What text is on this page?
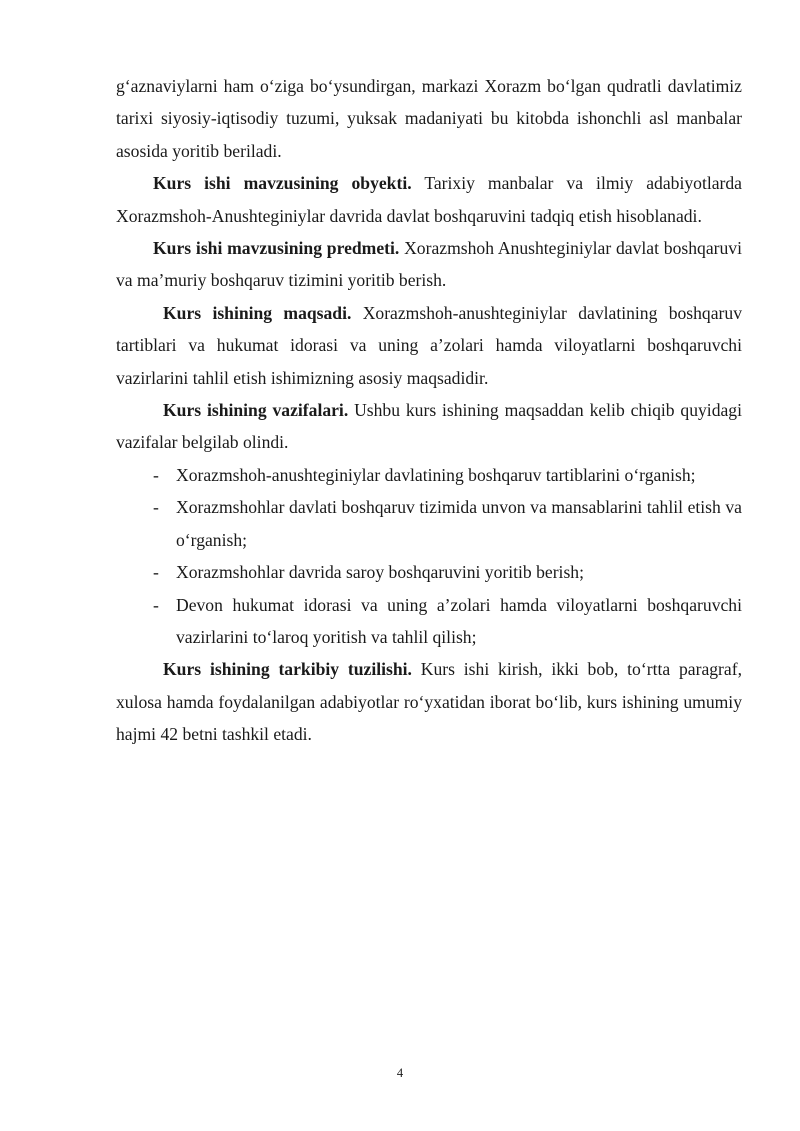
g‘aznaviylarni ham o‘ziga bo‘ysundirgan, markazi Xorazm bo‘lgan qudratli davlatimiz tarixi siyosiy-iqtisodiy tuzumi, yuksak madaniyati bu kitobda ishonchli asl manbalar asosida yoritib beriladi.

Kurs ishi mavzusining obyekti. Tarixiy manbalar va ilmiy adabiyotlarda Xorazmshoh-Anushteginiylar davrida davlat boshqaruvini tadqiq etish hisoblanadi.

Kurs ishi mavzusining predmeti. Xorazmshoh Anushteginiylar davlat boshqaruvi va ma’muriy boshqaruv tizimini yoritib berish.

Kurs ishining maqsadi. Xorazmshoh-anushteginiylar davlatining boshqaruv tartiblari va hukumat idorasi va uning a’zolari hamda viloyatlarni boshqaruvchi vazirlarini tahlil etish ishimizning asosiy maqsadidir.

Kurs ishining vazifalari. Ushbu kurs ishining maqsaddan kelib chiqib quyidagi vazifalar belgilab olindi.

- Xorazmshoh-anushteginiylar davlatining boshqaruv tartiblarini o‘rganish;

- Xorazmshohlar davlati boshqaruv tizimida unvon va mansablarini tahlil etish va o‘rganish;

- Xorazmshohlar davrida saroy boshqaruvini yoritib berish;

- Devon hukumat idorasi va uning a’zolari hamda viloyatlarni boshqaruvchi vazirlarini to‘laroq yoritish va tahlil qilish;

Kurs ishining tarkibiy tuzilishi. Kurs ishi kirish, ikki bob, to‘rtta paragraf, xulosa hamda foydalanilgan adabiyotlar ro‘yxatidan iborat bo‘lib, kurs ishining umumiy hajmi 42 betni tashkil etadi.

4
